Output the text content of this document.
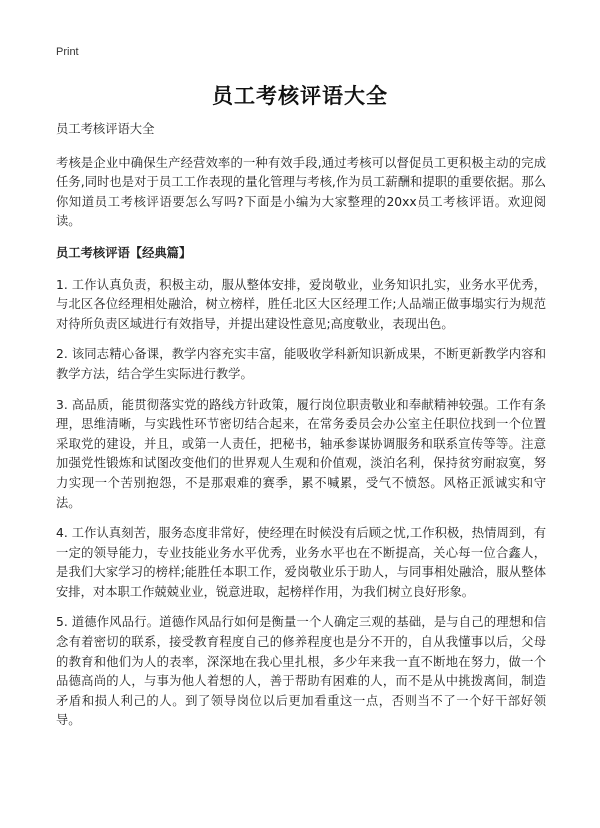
Print
员工考核评语大全

员工考核评语大全

考核是企业中确保生产经营效率的一种有效手段,通过考核可以督促员工更积极主动的完成任务,同时也是对于员工工作表现的量化管理与考核,作为员工薪酬和提职的重要依据。那么你知道员工考核评语要怎么写吗?下面是小编为大家整理的20xx员工考核评语。欢迎阅读。

员工考核评语【经典篇】

1. 工作认真负责，积极主动，服从整体安排，爱岗敬业，业务知识扎实，业务水平优秀，与北区各位经理相处融洽，树立榜样，胜任北区大区经理工作;人品端正做事塌实行为规范对待所负责区域进行有效指导，并提出建设性意见;高度敬业，表现出色。

2. 该同志精心备课，教学内容充实丰富，能吸收学科新知识新成果，不断更新教学内容和教学方法，结合学生实际进行教学。

3. 高品质，能贯彻落实党的路线方针政策，履行岗位职责敬业和奉献精神较强。工作有条理，思维清晰，与实践性环节密切结合起来，在常务委员会办公室主任职位找到一个位置采取党的建设，并且，或第一人责任，把秘书，轴承参谋协调服务和联系宣传等等。注意加强党性锻炼和试图改变他们的世界观人生观和价值观，淡泊名利，保持贫穷耐寂寞，努力实现一个苦别抱怨，不是那艰难的赛季，累不喊累，受气不愤怒。风格正派诚实和守法。

4. 工作认真刻苦，服务态度非常好，使经理在时候没有后顾之忧,工作积极，热情周到，有一定的领导能力，专业技能业务水平优秀，业务水平也在不断提高，关心每一位合鑫人，是我们大家学习的榜样;能胜任本职工作，爱岗敬业乐于助人，与同事相处融洽，服从整体安排，对本职工作兢兢业业，锐意进取，起榜样作用，为我们树立良好形象。

5. 道德作风品行。道德作风品行如何是衡量一个人确定三观的基础，是与自己的理想和信念有着密切的联系，接受教育程度自己的修养程度也是分不开的，自从我懂事以后，父母的教育和他们为人的表率，深深地在我心里扎根，多少年来我一直不断地在努力，做一个品德高尚的人，与事为他人着想的人，善于帮助有困难的人，而不是从中挑拨离间，制造矛盾和损人利己的人。到了领导岗位以后更加看重这一点，否则当不了一个好干部好领导。
